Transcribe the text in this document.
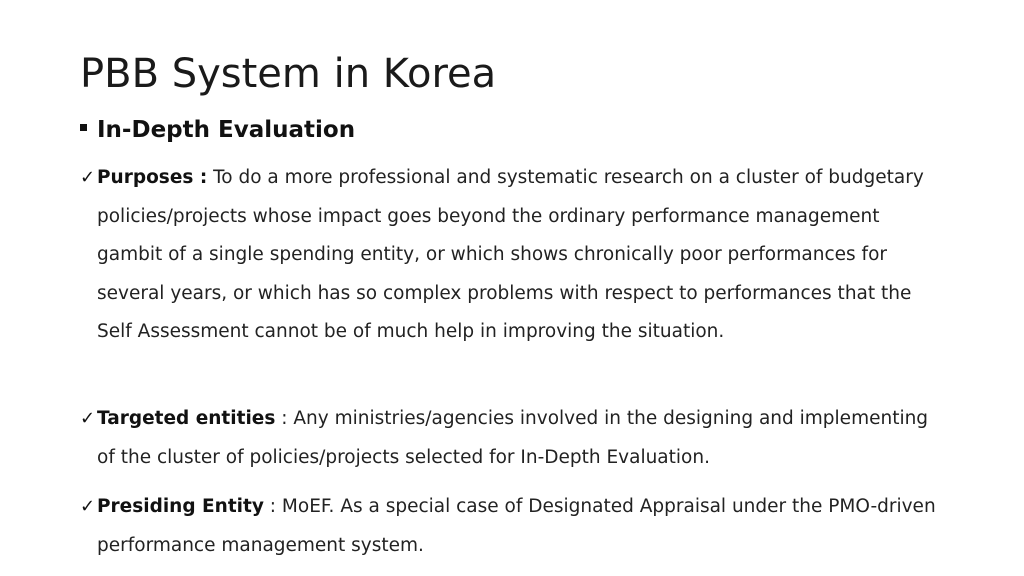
PBB System in Korea
In-Depth Evaluation
✓ Purposes : To do a more professional and systematic research on a cluster of budgetary policies/projects whose impact goes beyond the ordinary performance management gambit of a single spending entity, or which shows chronically poor performances for several years, or which has so complex problems with respect to performances that the Self Assessment cannot be of much help in improving the situation.
✓ Targeted entities : Any ministries/agencies involved in the designing and implementing of the cluster of policies/projects selected for In-Depth Evaluation.
✓ Presiding Entity : MoEF. As a special case of Designated Appraisal under the PMO-driven performance management system.
